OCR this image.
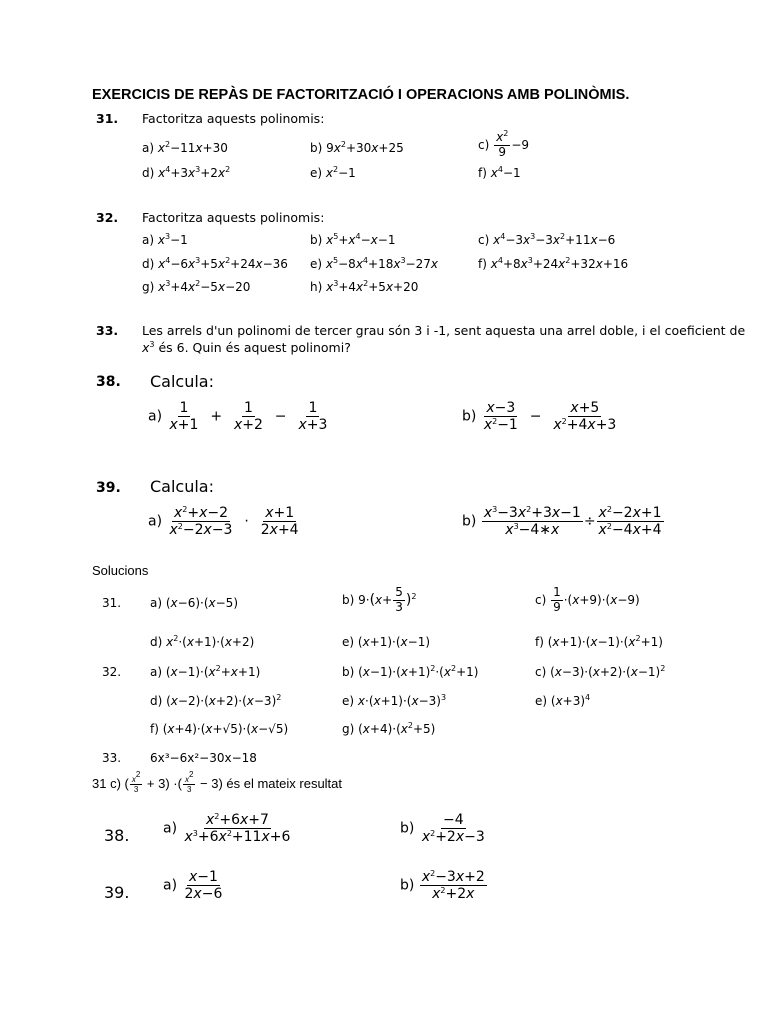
EXERCICIS DE REPÀS DE FACTORITZACIÓ I OPERACIONS AMB POLINÒMIS.
31. Factoritza aquests polinomis:
a) $x^2-11x+30$	b) $9x^2+30x+25$	$c) \frac{x^2}{9} -9$
d) $x^4+3x^3+2x^2$	e) $x^2-1$	f) $x^4-1$
32. Factoritza aquests polinomis:
a) $x^3-1$	b) $x^5+x^4-x-1$	c) $x^4-3x^3-3x^2+11x-6$
d) $x^4-6x^3+5x^2+24x-36$ e) $x^5-8x^4+18x^3-27x$	f) $x^4+8x^3+24x^2+32x+16$
g) $x^3+4x^2-5x-20$	h) $x^3+4x^2+5x+20$
33. Les arrels d'un polinomi de tercer grau són 3 i -1, sent aquesta una arrel doble, i el coeficient de
$x^3$ és 6. Quin és aquest polinomi?
38. Calcula:
$a) \frac{1}{x+1} + \frac{1}{x+2} - \frac{1}{x+3}$	$b) \frac{x-3}{x^2-1} - \frac{x+5}{x^2+4x+3}$
39. Calcula:
$a) \frac{x^2+x-2}{x^2-2x-3} \cdot \frac{x+1}{2x+4}$	$b) \frac{x^3-3x^2+3x-1}{x^3-4∗x} \div \frac{x^2-2x+1}{x^2-4x+4}$
Solucions
31. a) (x−6)·(x−5)	b) $9\cdot(x+ \frac{5}{3} )^2$	$c) \frac{1}{9} \cdot(x+9)\cdot(x-9)$
d) $x^2\cdot(x+1)\cdot(x+2)$	e) (x+1)·(x−1)	f) $(x+1)\cdot(x-1)\cdot(x^2+1)$
32. a) $(x-1)\cdot(x^2+x+1)$	b) $(x-1)\cdot(x+1)^2\cdot(x^2+1)$	c) $(x-3)\cdot(x+2)\cdot(x-1)^2$
d) $(x-2)\cdot(x+2)\cdot(x-3)^2$	e) $x\cdot(x+1)\cdot(x-3)^3$	e) $(x+3)^4$
f) (x+4)·(x+√5)·(x−√5)	g) $(x+4)\cdot(x^2+5)$
33. 6x³−6x²−30x−18
31 c) ( $\frac{x^2}{3} + 3$) ·( $\frac{x^2}{3} - 3$) és el mateix resultat
38. $a) \frac{x^2+6x+7}{x^3+6x^2+11x+6}$	$b) \frac{-4}{x^2+2x-3}$
39. $a) \frac{x-1}{2x-6}$	$b) \frac{x^2-3x+2}{x^2+2x}$
